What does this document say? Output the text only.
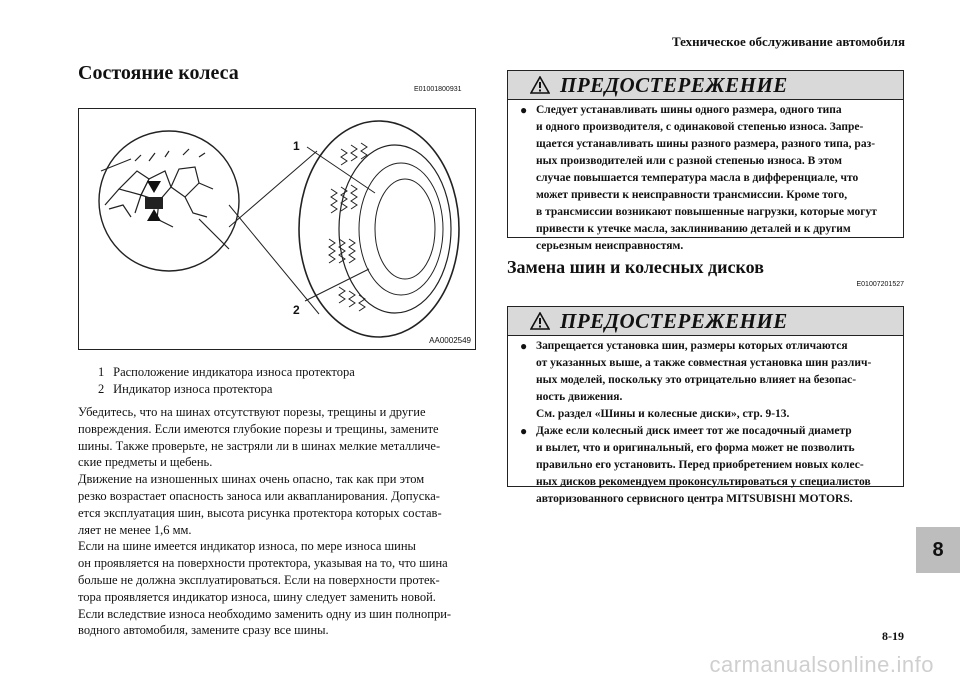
Техническое обслуживание автомобиля
Состояние колеса
E01001800931
1
2
AA0002549
1 Расположение индикатора износа протектора
2 Индикатор износа протектора

Убедитесь, что на шинах отсутствуют порезы, трещины и другие

повреждения. Если имеются глубокие порезы и трещины, замените

шины. Также проверьте, не застряли ли в шинах мелкие металличе-

ские предметы и щебень.

Движение на изношенных шинах очень опасно, так как при этом

резко возрастает опасность заноса или аквапланирования. Допуска-

ется эксплуатация шин, высота рисунка протектора которых состав-

ляет не менее 1,6 мм.

Если на шине имеется индикатор износа, по мере износа шины

он проявляется на поверхности протектора, указывая на то, что шина

больше не должна эксплуатироваться. Если на поверхности протек-

тора проявляется индикатор износа, шину следует заменить новой.

Если вследствие износа необходимо заменить одну из шин полнопри-

водного автомобиля, замените сразу все шины.

ПРЕДОСТЕРЕЖЕНИЕ
● Следует устанавливать шины одного размера, одного типа
и одного производителя, с одинаковой степенью износа. Запре-
щается устанавливать шины разного размера, разного типа, раз-
ных производителей или с разной степенью износа. В этом
случае повышается температура масла в дифференциале, что
может привести к неисправности трансмиссии. Кроме того,
в трансмиссии возникают повышенные нагрузки, которые могут
привести к утечке масла, заклиниванию деталей и к другим
серьезным неисправностям.
Замена шин и колесных дисков
E01007201527
ПРЕДОСТЕРЕЖЕНИЕ
● Запрещается установка шин, размеры которых отличаются
от указанных выше, а также совместная установка шин различ-
ных моделей, поскольку это отрицательно влияет на безопас-
ность движения.
См. раздел «Шины и колесные диски», стр. 9-13.
● Даже если колесный диск имеет тот же посадочный диаметр
и вылет, что и оригинальный, его форма может не позволить
правильно его установить. Перед приобретением новых колес-
ных дисков рекомендуем проконсультироваться у специалистов
авторизованного сервисного центра MITSUBISHI MOTORS.
8
8-19
carmanualsonline.info
